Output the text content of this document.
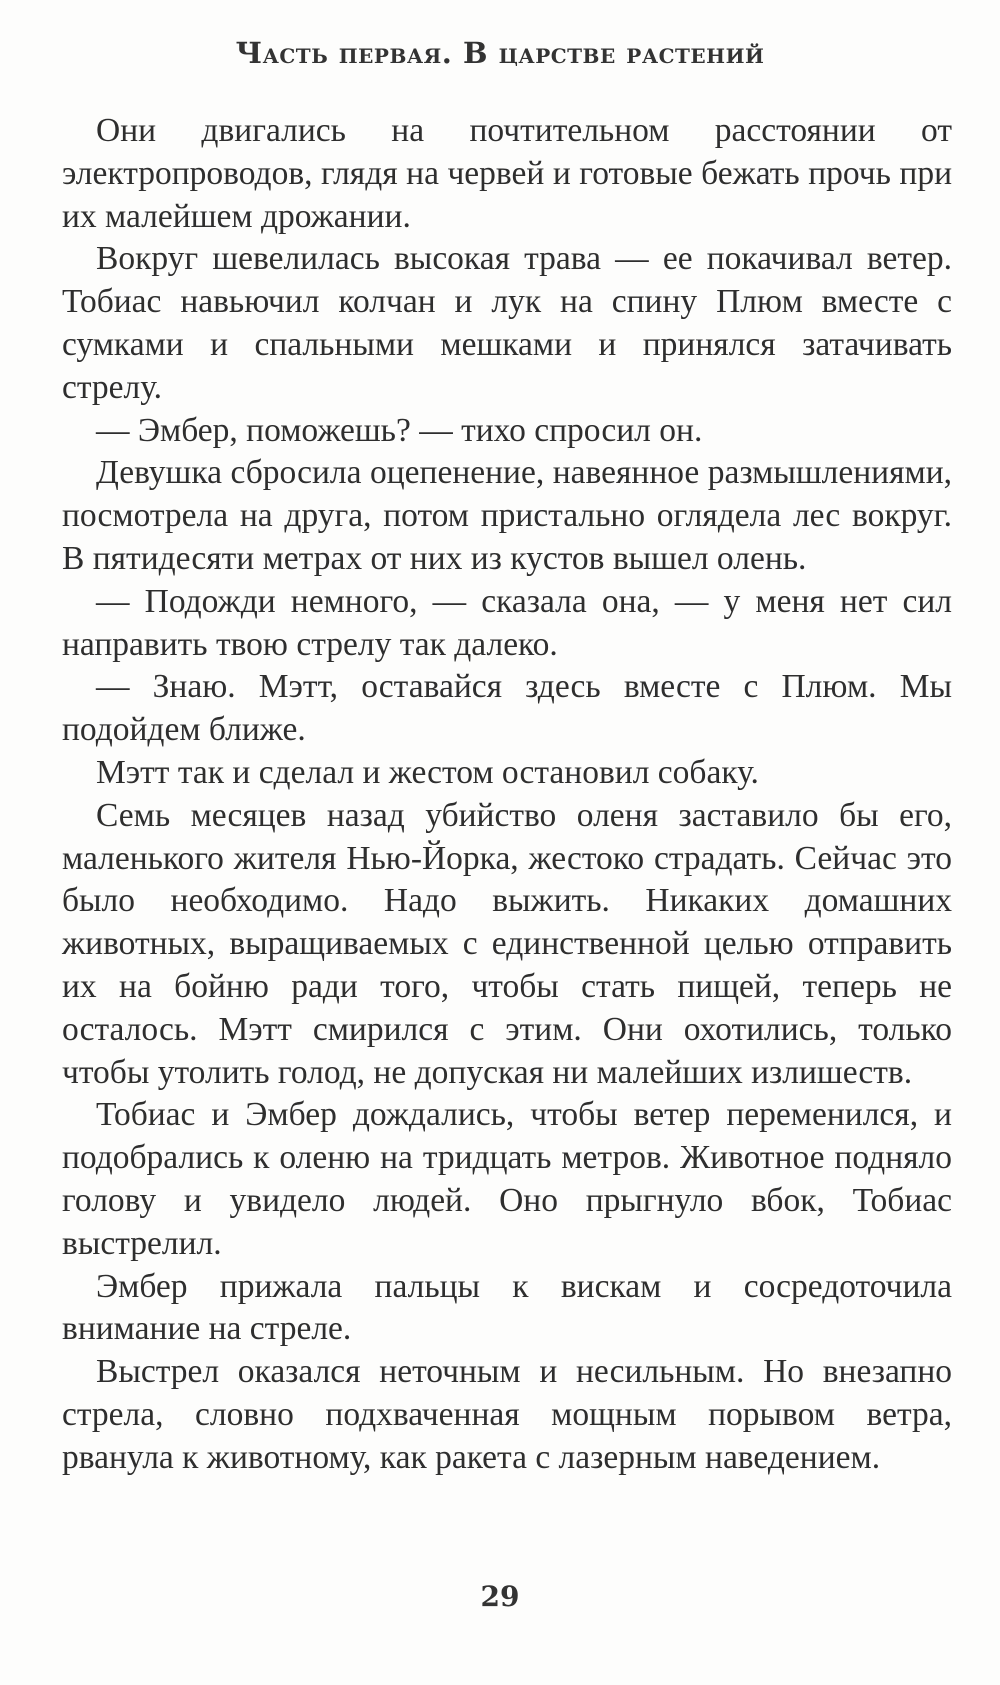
Часть первая. В царстве растений

Они двигались на почтительном расстоянии от электропроводов, глядя на червей и готовые бежать прочь при их малейшем дрожании.

Вокруг шевелилась высокая трава — ее покачивал ветер. Тобиас навьючил колчан и лук на спину Плюм вместе с сумками и спальными мешками и принялся затачивать стрелу.

— Эмбер, поможешь? — тихо спросил он.

Девушка сбросила оцепенение, навеянное размышлениями, посмотрела на друга, потом пристально оглядела лес вокруг. В пятидесяти метрах от них из кустов вышел олень.

— Подожди немного, — сказала она, — у меня нет сил направить твою стрелу так далеко.

— Знаю. Мэтт, оставайся здесь вместе с Плюм. Мы подойдем ближе.

Мэтт так и сделал и жестом остановил собаку.

Семь месяцев назад убийство оленя заставило бы его, маленького жителя Нью-Йорка, жестоко страдать. Сейчас это было необходимо. Надо выжить. Никаких домашних животных, выращиваемых с единственной целью отправить их на бойню ради того, чтобы стать пищей, теперь не осталось. Мэтт смирился с этим. Они охотились, только чтобы утолить голод, не допуская ни малейших излишеств.

Тобиас и Эмбер дождались, чтобы ветер переменился, и подобрались к оленю на тридцать метров. Животное подняло голову и увидело людей. Оно прыгнуло вбок, Тобиас выстрелил.

Эмбер прижала пальцы к вискам и сосредоточила внимание на стреле.

Выстрел оказался неточным и несильным. Но внезапно стрела, словно подхваченная мощным порывом ветра, рванула к животному, как ракета с лазерным наведением.

29
